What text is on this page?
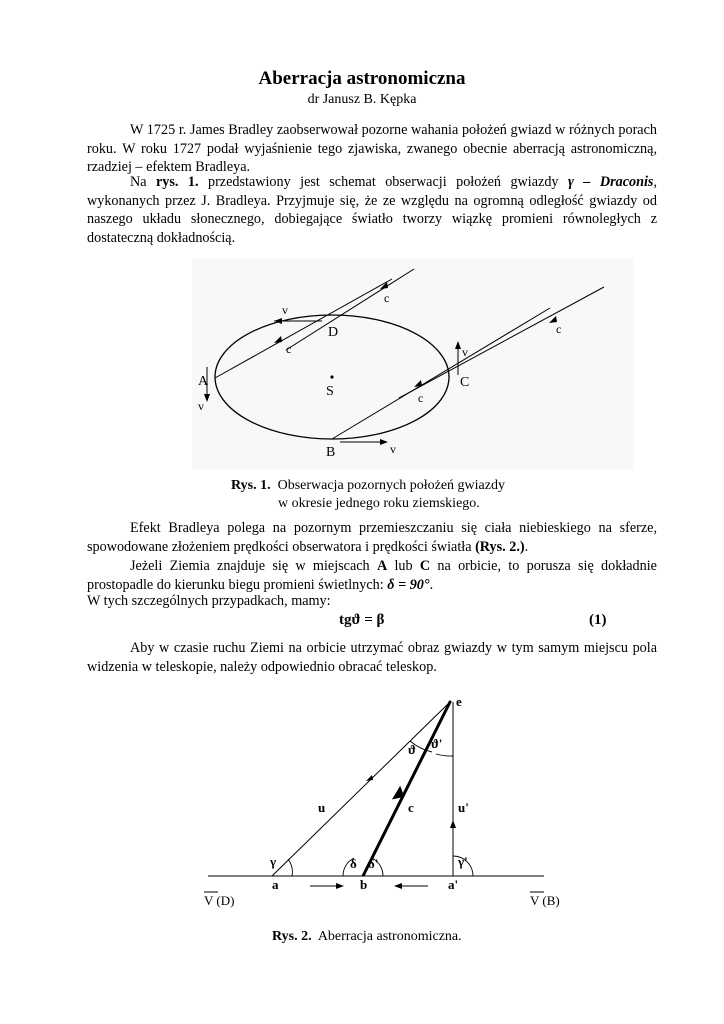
Aberracja astronomiczna
dr Janusz B. Kępka
W 1725 r. James Bradley zaobserwował pozorne wahania położeń gwiazd w różnych porach roku. W roku 1727 podał wyjaśnienie tego zjawiska, zwanego obecnie aberracją astronomiczną, rzadziej – efektem Bradleya.
Na rys. 1. przedstawiony jest schemat obserwacji położeń gwiazdy γ – Draconis, wykonanych przez J. Bradleya. Przyjmuje się, że ze względu na ogromną odległość gwiazdy od naszego układu słonecznego, dobiegające światło tworzy wiązkę promieni równoległych z dostateczną dokładnością.
A
D
C
B
S
v
v
v
v
c
c
c
c
Rys. 1. Obserwacja pozornych położeń gwiazdy
w okresie jednego roku ziemskiego.
Efekt Bradleya polega na pozornym przemieszczaniu się ciała niebieskiego na sferze, spowodowane złożeniem prędkości obserwatora i prędkości światła (Rys. 2.).
Jeżeli Ziemia znajduje się w miejscach A lub C na orbicie, to porusza się dokładnie prostopadle do kierunku biegu promieni świetlnych: δ = 90°.
W tych szczególnych przypadkach, mamy:
tgϑ = β	(1)
Aby w czasie ruchu Ziemi na orbicie utrzymać obraz gwiazdy w tym samym miejscu pola widzenia w teleskopie, należy odpowiednio obracać teleskop.
e
ϑ ϑ'
u	c	u'
γ	δ δ'	γ'
a	b	a'
V (D)	V (B)
Rys. 2. Aberracja astronomiczna.
